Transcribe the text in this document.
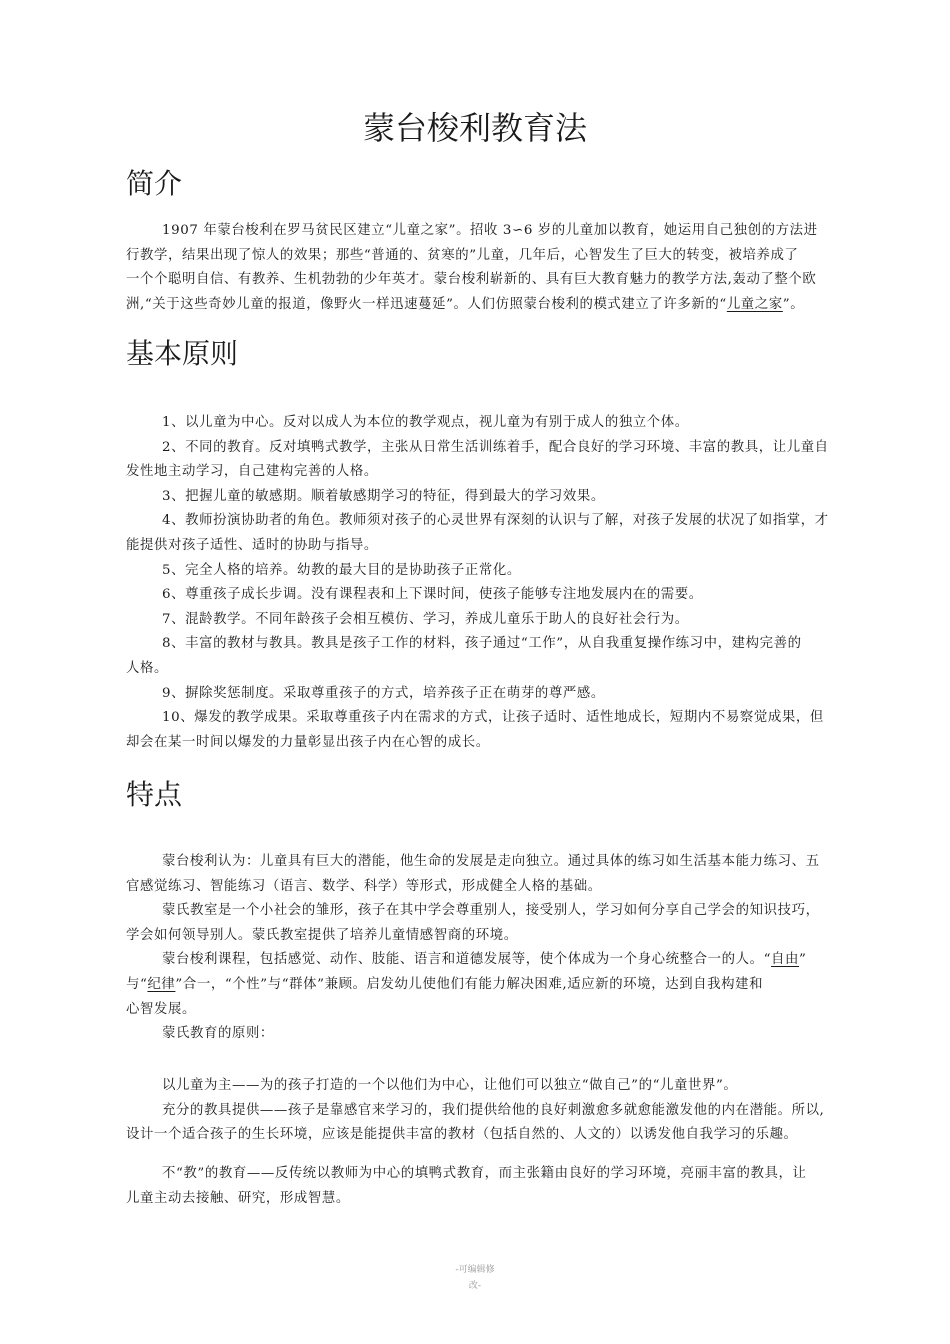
蒙台梭利教育法
简介
1907 年蒙台梭利在罗马贫民区建立“儿童之家”。招收 3∽6 岁的儿童加以教育，她运用自己独创的方法进
行教学，结果出现了惊人的效果；那些“普通的、贫寒的”儿童，几年后，心智发生了巨大的转变，被培养成了
一个个聪明自信、有教养、生机勃勃的少年英才。蒙台梭利崭新的、具有巨大教育魅力的教学方法,轰动了整个欧
洲,“关于这些奇妙儿童的报道，像野火一样迅速蔓延”。人们仿照蒙台梭利的模式建立了许多新的“儿童之家”。
基本原则
1、以儿童为中心。反对以成人为本位的教学观点，视儿童为有别于成人的独立个体。
2、不同的教育。反对填鸭式教学，主张从日常生活训练着手，配合良好的学习环境、丰富的教具，让儿童自
发性地主动学习，自己建构完善的人格。
3、把握儿童的敏感期。顺着敏感期学习的特征，得到最大的学习效果。
4、教师扮演协助者的角色。教师须对孩子的心灵世界有深刻的认识与了解，对孩子发展的状况了如指掌，才
能提供对孩子适性、适时的协助与指导。
5、完全人格的培养。幼教的最大目的是协助孩子正常化。
6、尊重孩子成长步调。没有课程表和上下课时间，使孩子能够专注地发展内在的需要。
7、混龄教学。不同年龄孩子会相互模仿、学习，养成儿童乐于助人的良好社会行为。
8、丰富的教材与教具。教具是孩子工作的材料，孩子通过“工作”，从自我重复操作练习中，建构完善的
人格。
9、摒除奖惩制度。采取尊重孩子的方式，培养孩子正在萌芽的尊严感。
10、爆发的教学成果。采取尊重孩子内在需求的方式，让孩子适时、适性地成长，短期内不易察觉成果，但
却会在某一时间以爆发的力量彰显出孩子内在心智的成长。
特点
蒙台梭利认为：儿童具有巨大的潜能，他生命的发展是走向独立。通过具体的练习如生活基本能力练习、五
官感觉练习、智能练习（语言、数学、科学）等形式，形成健全人格的基础。
蒙氏教室是一个小社会的雏形，孩子在其中学会尊重别人，接受别人，学习如何分享自己学会的知识技巧，
学会如何领导别人。蒙氏教室提供了培养儿童情感智商的环境。
蒙台梭利课程，包括感觉、动作、肢能、语言和道德发展等，使个体成为一个身心统整合一的人。“自由”
与“纪律”合一，“个性”与“群体”兼顾。启发幼儿使他们有能力解决困难,适应新的环境，达到自我构建和
心智发展。
蒙氏教育的原则：
以儿童为主——为的孩子打造的一个以他们为中心，让他们可以独立“做自己”的“儿童世界”。
充分的教具提供——孩子是靠感官来学习的，我们提供给他的良好刺激愈多就愈能激发他的内在潜能。所以,
设计一个适合孩子的生长环境，应该是能提供丰富的教材（包括自然的、人文的）以诱发他自我学习的乐趣。
不“教”的教育——反传统以教师为中心的填鸭式教育，而主张籍由良好的学习环境，亮丽丰富的教具，让
儿童主动去接触、研究，形成智慧。
-可编辑修
改-
